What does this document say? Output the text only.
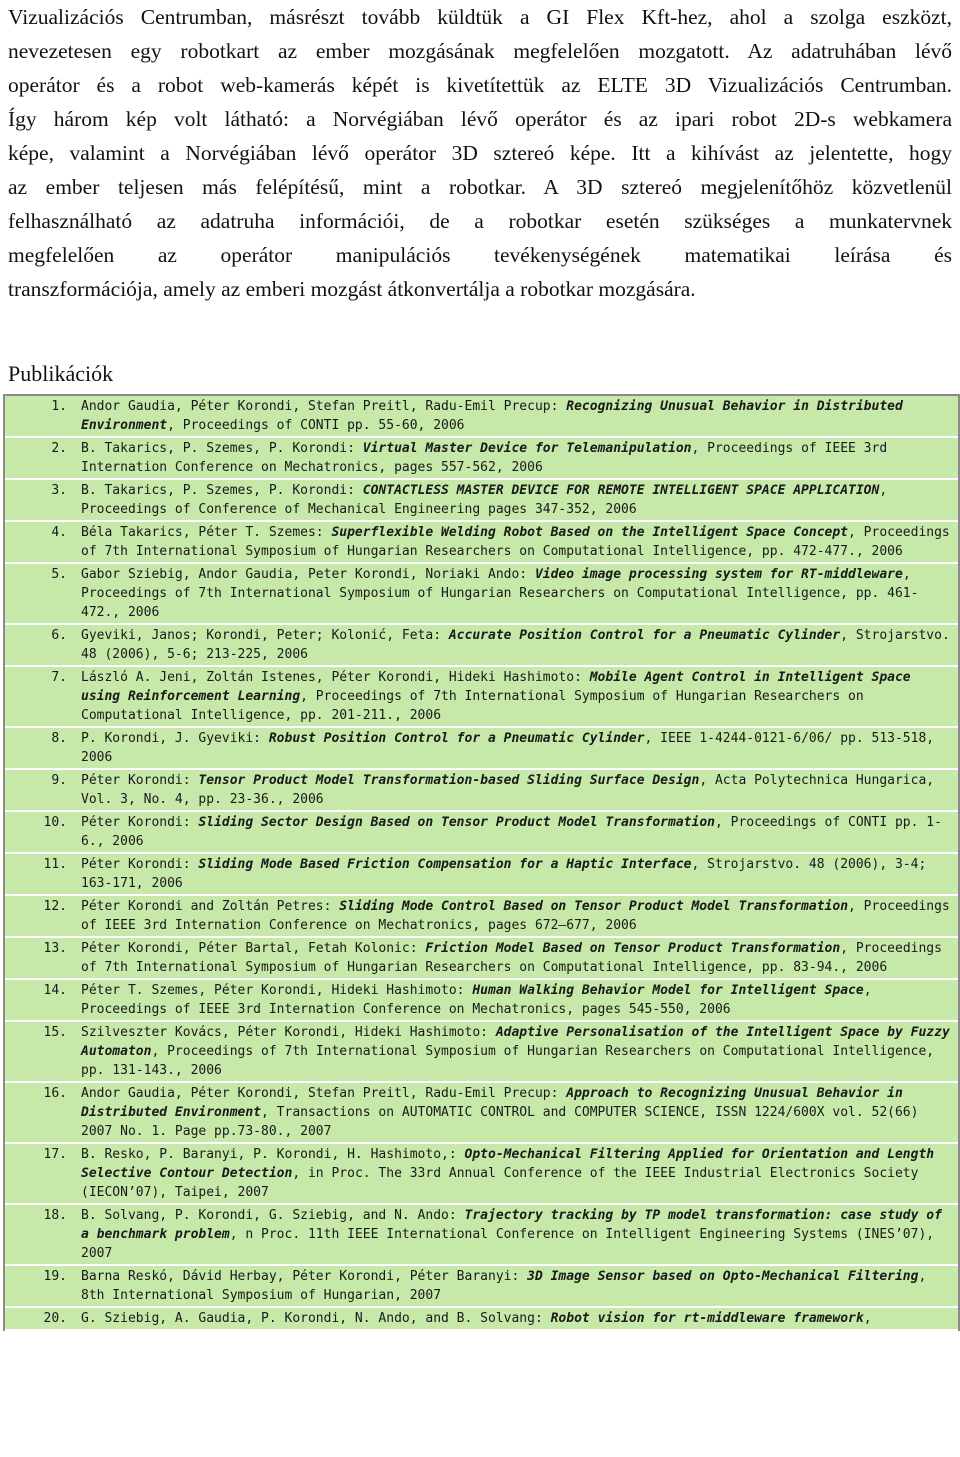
Vizualizációs Centrumban, másrészt tovább küldtük a GI Flex Kft-hez, ahol a szolga eszközt,
nevezetesen egy robotkart az ember mozgásának megfelelően mozgatott. Az adatruhában lévő
operátor és a robot web-kamerás képét is kivetítettük az ELTE 3D Vizualizációs Centrumban.
Így három kép volt látható: a Norvégiában lévő operátor és az ipari robot 2D-s webkamera
képe, valamint a Norvégiában lévő operátor 3D sztereó képe. Itt a kihívást az jelentette, hogy
az ember teljesen más felépítésű, mint a robotkar. A 3D sztereó megjelenítőhöz közvetlenül
felhasználható az adatruha információi, de a robotkar esetén szükséges a munkatervnek
megfelelően az operátor manipulációs tevékenységének matematikai leírása és
transzformációja, amely az emberi mozgást átkonvertálja a robotkar mozgására.
Publikációk
1.	Andor Gaudia, Péter Korondi, Stefan Preitl, Radu-Emil Precup: Recognizing Unusual Behavior in Distributed Environment, Proceedings of CONTI pp. 55-60, 2006
2.	B. Takarics, P. Szemes, P. Korondi: Virtual Master Device for Telemanipulation, Proceedings of IEEE 3rd Internation Conference on Mechatronics, pages 557-562, 2006
3.	B. Takarics, P. Szemes, P. Korondi: CONTACTLESS MASTER DEVICE FOR REMOTE INTELLIGENT SPACE APPLICATION, Proceedings of Conference of Mechanical Engineering pages 347-352, 2006
4.	Béla Takarics, Péter T. Szemes: Superflexible Welding Robot Based on the Intelligent Space Concept, Proceedings of 7th International Symposium of Hungarian Researchers on Computational Intelligence, pp. 472-477., 2006
5.	Gabor Sziebig, Andor Gaudia, Peter Korondi, Noriaki Ando: Video image processing system for RT-middleware, Proceedings of 7th International Symposium of Hungarian Researchers on Computational Intelligence, pp. 461-472., 2006
6.	Gyeviki, Janos; Korondi, Peter; Kolonić, Feta: Accurate Position Control for a Pneumatic Cylinder, Strojarstvo. 48 (2006), 5-6; 213-225, 2006
7.	László A. Jeni, Zoltán Istenes, Péter Korondi, Hideki Hashimoto: Mobile Agent Control in Intelligent Space using Reinforcement Learning, Proceedings of 7th International Symposium of Hungarian Researchers on Computational Intelligence, pp. 201-211., 2006
8.	P. Korondi, J. Gyeviki: Robust Position Control for a Pneumatic Cylinder, IEEE 1-4244-0121-6/06/ pp. 513-518, 2006
9.	Péter Korondi: Tensor Product Model Transformation-based Sliding Surface Design, Acta Polytechnica Hungarica, Vol. 3, No. 4, pp. 23-36., 2006
10.	Péter Korondi: Sliding Sector Design Based on Tensor Product Model Transformation, Proceedings of CONTI pp. 1-6., 2006
11.	Péter Korondi: Sliding Mode Based Friction Compensation for a Haptic Interface, Strojarstvo. 48 (2006), 3-4; 163-171, 2006
12.	Péter Korondi and Zoltán Petres: Sliding Mode Control Based on Tensor Product Model Transformation, Proceedings of IEEE 3rd Internation Conference on Mechatronics, pages 672–677, 2006
13.	Péter Korondi, Péter Bartal, Fetah Kolonic: Friction Model Based on Tensor Product Transformation, Proceedings of 7th International Symposium of Hungarian Researchers on Computational Intelligence, pp. 83-94., 2006
14.	Péter T. Szemes, Péter Korondi, Hideki Hashimoto: Human Walking Behavior Model for Intelligent Space, Proceedings of IEEE 3rd Internation Conference on Mechatronics, pages 545-550, 2006
15.	Szilveszter Kovács, Péter Korondi, Hideki Hashimoto: Adaptive Personalisation of the Intelligent Space by Fuzzy Automaton, Proceedings of 7th International Symposium of Hungarian Researchers on Computational Intelligence, pp. 131-143., 2006
16.	Andor Gaudia, Péter Korondi, Stefan Preitl, Radu-Emil Precup: Approach to Recognizing Unusual Behavior in Distributed Environment, Transactions on AUTOMATIC CONTROL and COMPUTER SCIENCE, ISSN 1224/600X vol. 52(66) 2007 No. 1. Page pp.73-80., 2007
17.	B. Resko, P. Baranyi, P. Korondi, H. Hashimoto,: Opto-Mechanical Filtering Applied for Orientation and Length Selective Contour Detection, in Proc. The 33rd Annual Conference of the IEEE Industrial Electronics Society (IECON’07), Taipei, 2007
18.	B. Solvang, P. Korondi, G. Sziebig, and N. Ando: Trajectory tracking by TP model transformation: case study of a benchmark problem, n Proc. 11th IEEE International Conference on Intelligent Engineering Systems (INES’07), 2007
19.	Barna Reskó, Dávid Herbay, Péter Korondi, Péter Baranyi: 3D Image Sensor based on Opto-Mechanical Filtering, 8th International Symposium of Hungarian, 2007
20.	G. Sziebig, A. Gaudia, P. Korondi, N. Ando, and B. Solvang: Robot vision for rt-middleware framework,
